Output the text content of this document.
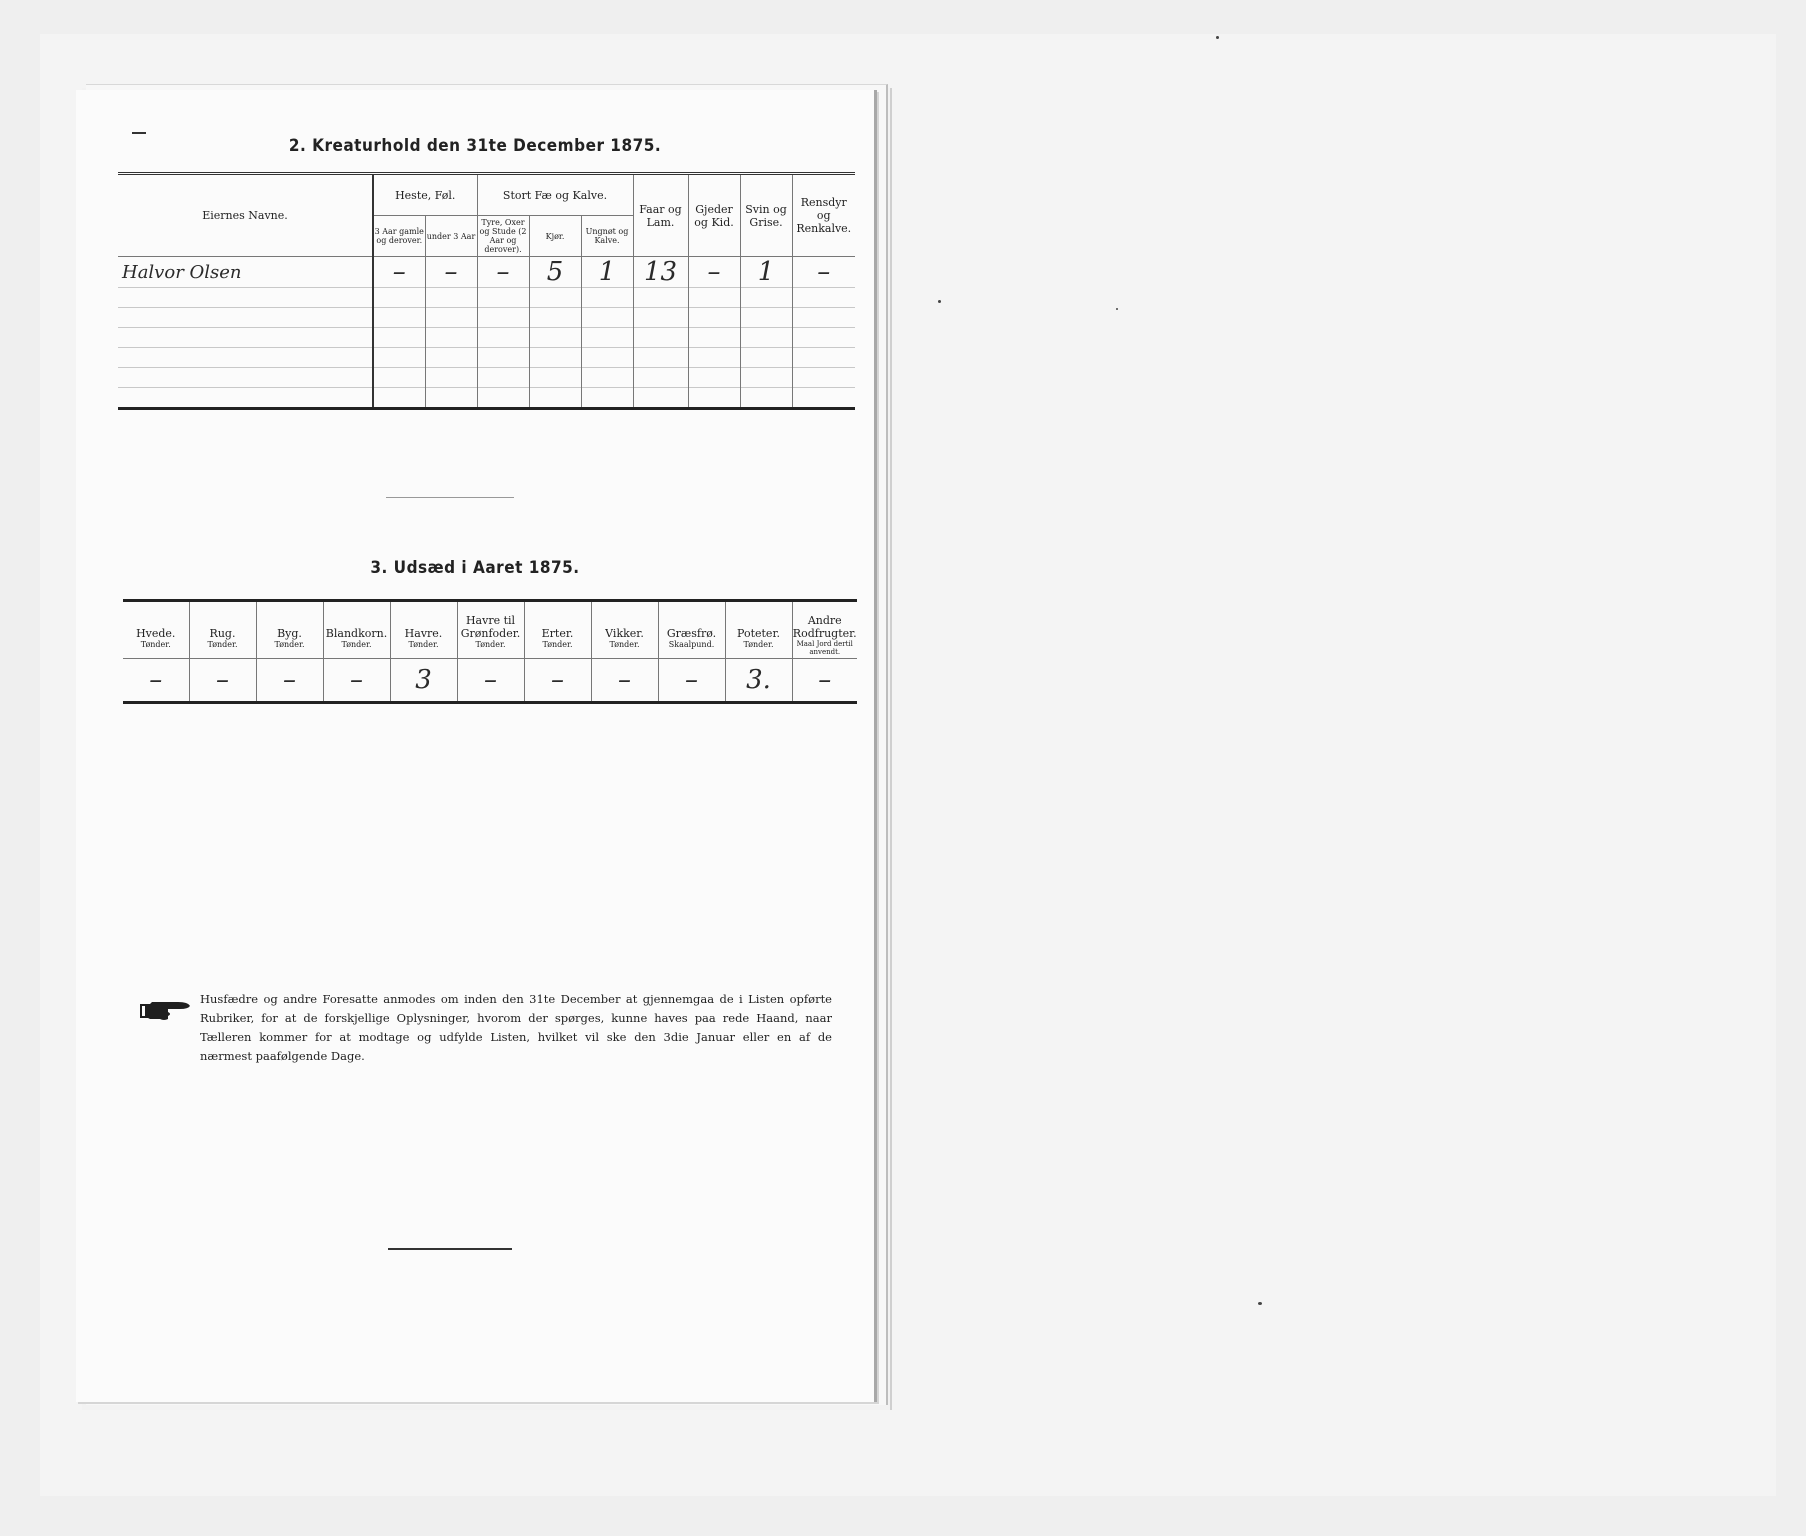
2. Kreaturhold den 31te December 1875.
Eiernes Navne.	Heste, Føl.		Stort Fæ og Kalve.			Faar og Lam.	Gjeder og Kid.	Svin og Grise.	Rensdyr og Renkalve.
	3 Aar gamle og derover.	under 3 Aar	Tyre, Oxer og Stude (2 Aar og derover).	Kjør.	Ungnøt og Kalve.				
Halvor Olsen	–	–	–	5	1	13	–	1	–

3. Udsæd i Aaret 1875.
Hvede.	Rug.	Byg.	Blandkorn.	Havre.	Havre til Grønfoder.	Erter.	Vikker.	Græsfrø.	Poteter.	Andre Rodfrugter.
Tønder.	Tønder.	Tønder.	Tønder.	Tønder.	Tønder.	Tønder.	Tønder.	Skaalpund.	Tønder.	Maal Jord dertil anvendt.
–	–	–	–	3	–	–	–	–	3.	–
Husfædre og andre Foresatte anmodes om inden den 31te December at gjennemgaa de i Listen opførte
Rubriker, for at de forskjellige Oplysninger, hvorom der spørges, kunne haves paa rede Haand, naar
Tælleren kommer for at modtage og udfylde Listen, hvilket vil ske den 3die Januar eller en af de
nærmest paafølgende Dage.
